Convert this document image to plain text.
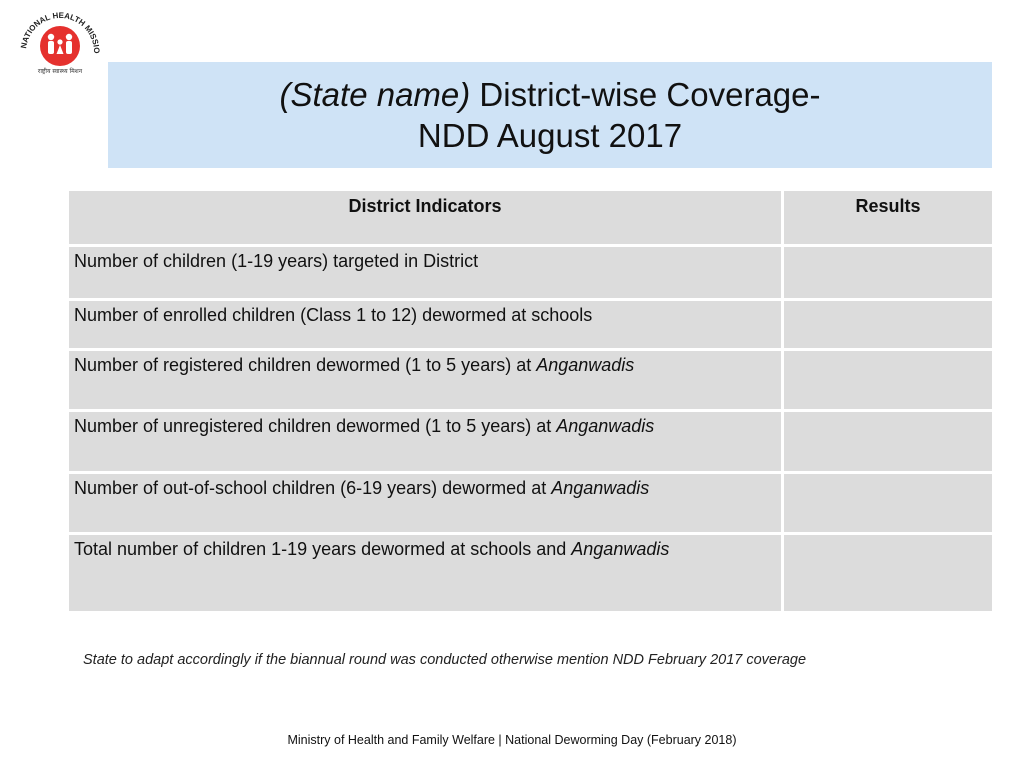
NATIONAL HEALTH MISSIO
राष्ट्रीय स्वास्थ्य मिशन
(State name) District-wise Coverage-
NDD August 2017
District Indicators	Results
Number of children (1-19 years) targeted in District
Number of enrolled children (Class 1 to 12) dewormed at schools
Number of registered children dewormed (1 to 5 years) at Anganwadis
Number of unregistered children dewormed (1 to 5 years) at Anganwadis
Number of out-of-school children (6-19 years) dewormed at Anganwadis
Total number of children 1-19 years dewormed at schools and Anganwadis
State to adapt accordingly if the biannual round was conducted otherwise mention NDD February 2017 coverage
Ministry of Health and Family Welfare | National Deworming Day (February 2018)
